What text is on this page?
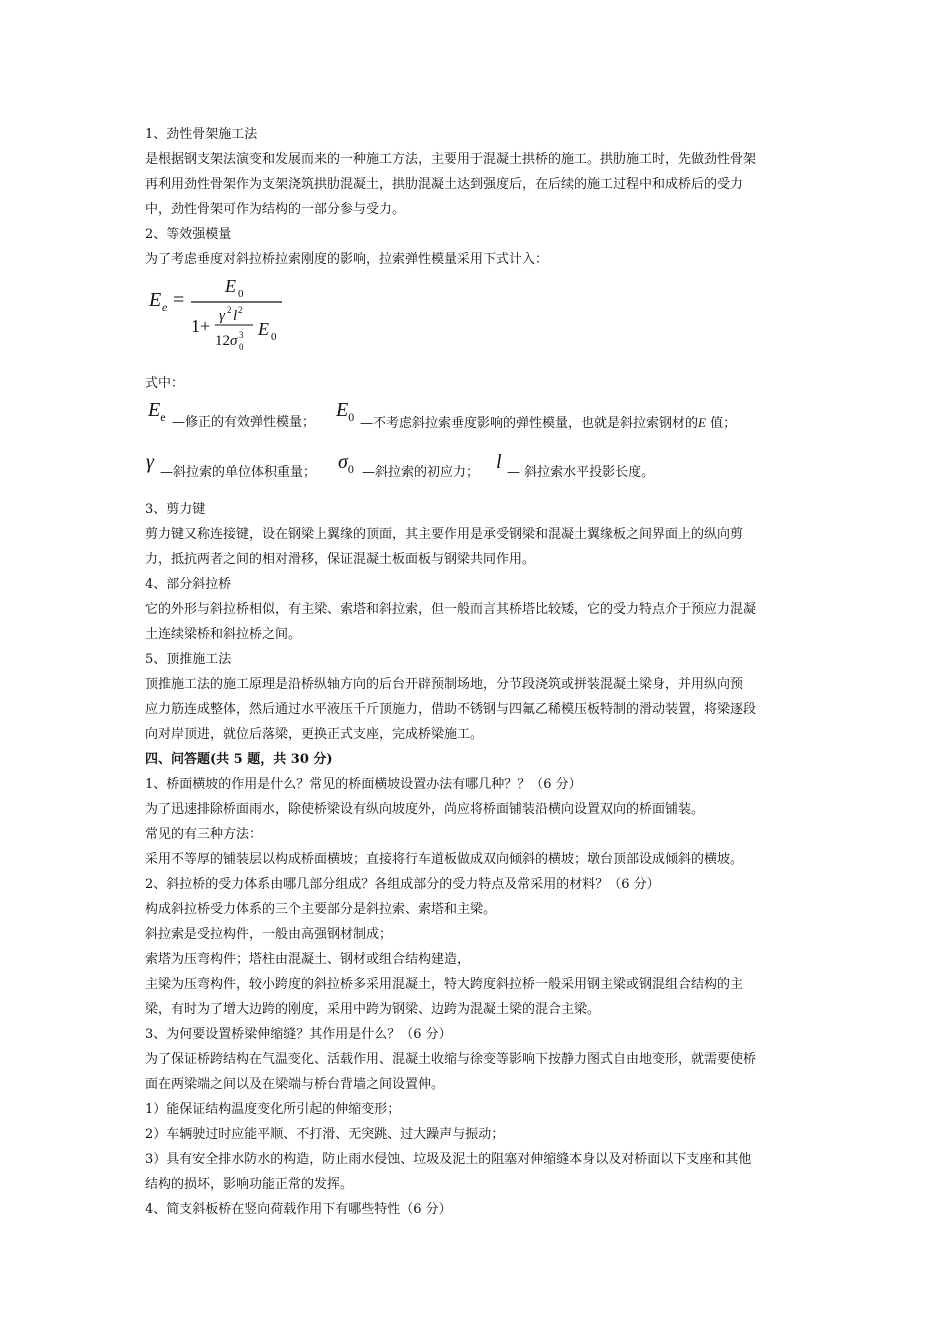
1、劲性骨架施工法
是根据钢支架法演变和发展而来的一种施工方法，主要用于混凝土拱桥的施工。拱肋施工时，先做劲性骨架
再利用劲性骨架作为支架浇筑拱肋混凝土，拱肋混凝土达到强度后，在后续的施工过程中和成桥后的受力
中，劲性骨架可作为结构的一部分参与受力。
2、等效强模量
为了考虑垂度对斜拉桥拉索刚度的影响，拉索弹性模量采用下式计入：
E e =
E 0
1+ γ 2 l 2
12 σ 3
0
E 0
式中：
$E_e$ —修正的有效弹性模量；
$E_0$ —不考虑斜拉索垂度影响的弹性模量，也就是斜拉索钢材的E 值；
γ —斜拉索的单位体积重量； $\sigma_0$ —斜拉索的初应力； l — 斜拉索水平投影长度。
3、剪力键
剪力键又称连接键，设在钢梁上翼缘的顶面，其主要作用是承受钢梁和混凝土翼缘板之间界面上的纵向剪
力，抵抗两者之间的相对滑移，保证混凝土板面板与钢梁共同作用。
4、部分斜拉桥
它的外形与斜拉桥相似，有主梁、索塔和斜拉索，但一般而言其桥塔比较矮，它的受力特点介于预应力混凝
土连续梁桥和斜拉桥之间。
5、顶推施工法
顶推施工法的施工原理是沿桥纵轴方向的后台开辟预制场地，分节段浇筑或拼装混凝土梁身，并用纵向预
应力筋连成整体，然后通过水平液压千斤顶施力，借助不锈钢与四氟乙稀模压板特制的滑动装置，将梁逐段
向对岸顶进，就位后落梁，更换正式支座，完成桥梁施工。
四、问答题(共 5 题，共 30 分)
1、桥面横坡的作用是什么？常见的桥面横坡设置办法有哪几种？？（6 分）
为了迅速排除桥面雨水，除使桥梁设有纵向坡度外，尚应将桥面铺装沿横向设置双向的桥面铺装。
常见的有三种方法：
采用不等厚的铺装层以构成桥面横坡；直接将行车道板做成双向倾斜的横坡；墩台顶部设成倾斜的横坡。
2、斜拉桥的受力体系由哪几部分组成？各组成部分的受力特点及常采用的材料？（6 分）
构成斜拉桥受力体系的三个主要部分是斜拉索、索塔和主梁。
斜拉索是受拉构件，一般由高强钢材制成；
索塔为压弯构件；塔柱由混凝土、钢材或组合结构建造，
主梁为压弯构件，较小跨度的斜拉桥多采用混凝土，特大跨度斜拉桥一般采用钢主梁或钢混组合结构的主
梁，有时为了增大边跨的刚度，采用中跨为钢梁、边跨为混凝土梁的混合主梁。
3、为何要设置桥梁伸缩缝？其作用是什么？（6 分）
为了保证桥跨结构在气温变化、活载作用、混凝土收缩与徐变等影响下按静力图式自由地变形，就需要使桥
面在两梁端之间以及在梁端与桥台背墙之间设置伸。
1）能保证结构温度变化所引起的伸缩变形；
2）车辆驶过时应能平顺、不打滑、无突跳、过大躁声与振动；
3）具有安全排水防水的构造，防止雨水侵蚀、垃圾及泥土的阻塞对伸缩缝本身以及对桥面以下支座和其他
结构的损坏，影响功能正常的发挥。
4、简支斜板桥在竖向荷载作用下有哪些特性（6 分）
